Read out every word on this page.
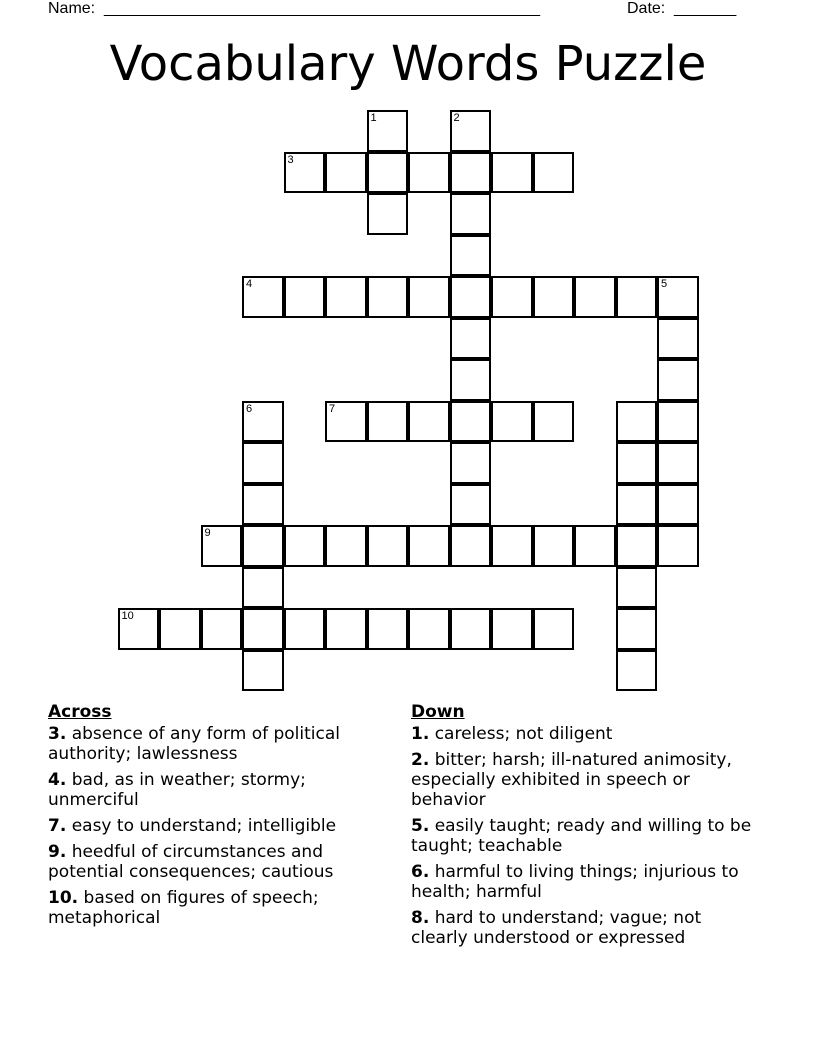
Name: _________________________________________________	Date: _______
Vocabulary Words Puzzle
1	2
3
4	5
6	7
9
10
Across
3. absence of any form of political authority; lawlessness
4. bad, as in weather; stormy; unmerciful
7. easy to understand; intelligible
9. heedful of circumstances and potential consequences; cautious
10. based on figures of speech; metaphorical
Down
1. careless; not diligent
2. bitter; harsh; ill-natured animosity, especially exhibited in speech or behavior
5. easily taught; ready and willing to be taught; teachable
6. harmful to living things; injurious to health; harmful
8. hard to understand; vague; not clearly understood or expressed
